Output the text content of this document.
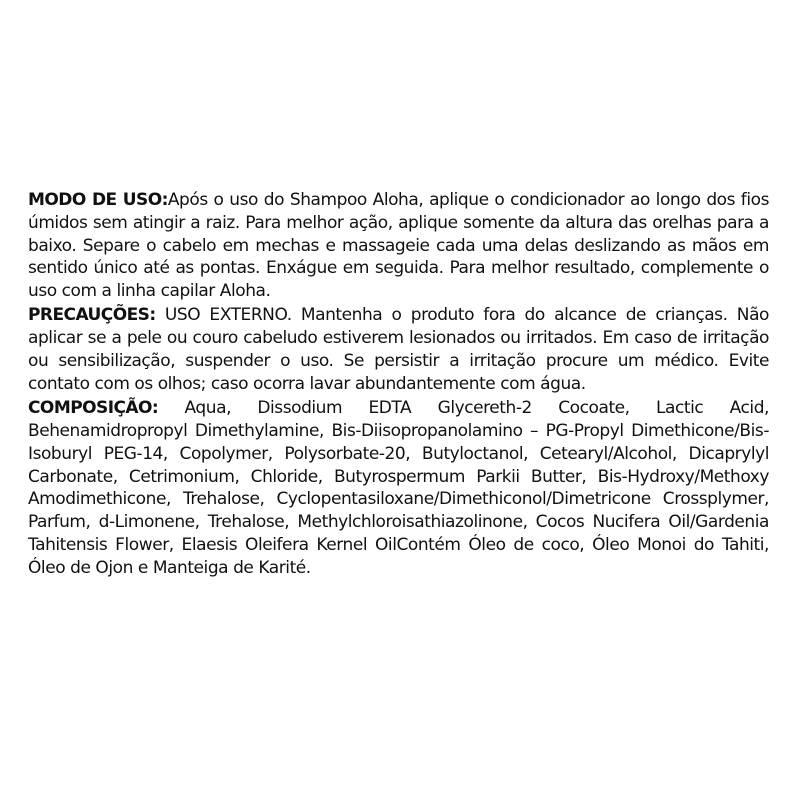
MODO DE USO:Após o uso do Shampoo Aloha, aplique o condicionador ao longo dos fios úmidos sem atingir a raiz. Para melhor ação, aplique somente da altura das orelhas para a baixo. Separe o cabelo em mechas e massageie cada uma delas deslizando as mãos em sentido único até as pontas. Enxágue em seguida. Para melhor resultado, complemente o uso com a linha capilar Aloha.

PRECAUÇÕES: USO EXTERNO. Mantenha o produto fora do alcance de crianças. Não aplicar se a pele ou couro cabeludo estiverem lesionados ou irritados. Em caso de irritação ou sensibilização, suspender o uso. Se persistir a irritação procure um médico. Evite contato com os olhos; caso ocorra lavar abundantemente com água.

COMPOSIÇÃO: Aqua, Dissodium EDTA Glycereth-2 Cocoate, Lactic Acid, Behenamidropropyl Dimethylamine, Bis-Diisopropanolamino – PG-Propyl Dimethicone/Bis-Isoburyl PEG-14, Copolymer, Polysorbate-20, Butyloctanol, Cetearyl/Alcohol, Dicaprylyl Carbonate, Cetrimonium, Chloride, Butyrospermum Parkii Butter, Bis-Hydroxy/Methoxy Amodimethicone, Trehalose, Cyclopentasiloxane/Dimethiconol/Dimetricone Crossplymer, Parfum, d-Limonene, Trehalose, Methylchloroisathiazolinone, Cocos Nucifera Oil/Gardenia Tahitensis Flower, Elaesis Oleifera Kernel OilContém Óleo de coco, Óleo Monoi do Tahiti, Óleo de Ojon e Manteiga de Karité.
